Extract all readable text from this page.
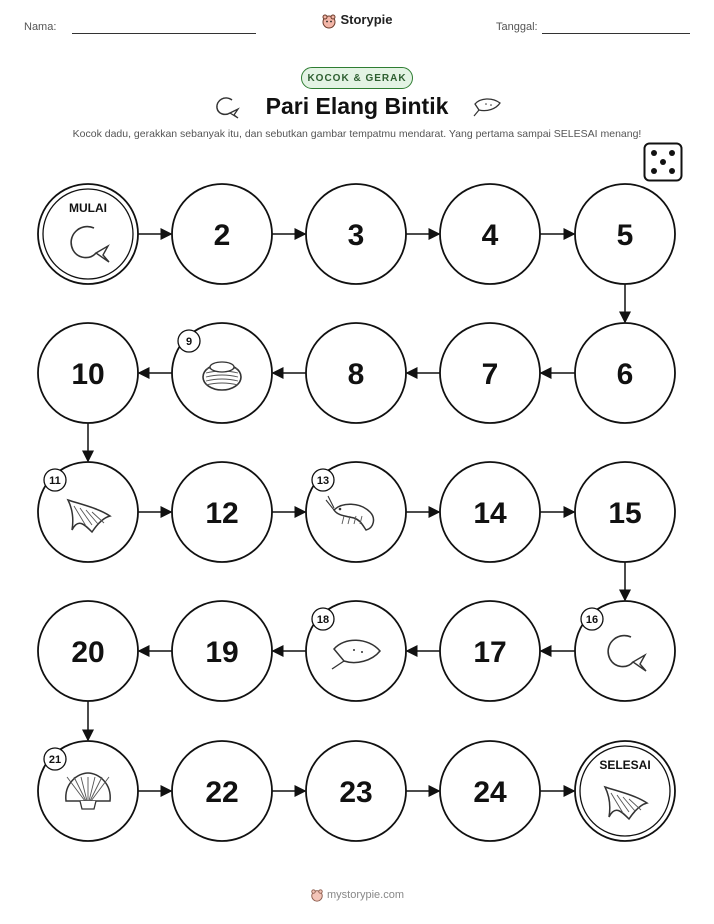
Nama:	Storypie	Tanggal:
KOCOK & GERAK
Pari Elang Bintik
Kocok dadu, gerakkan sebanyak itu, dan sebutkan gambar tempatmu mendarat. Yang pertama sampai SELESAI menang!
MULAI
2	3	4	5
6
7
8
9
10
11
12
13
14	15
16
17
18
19
20
21
22	23	24
SELESAI
mystorypie.com
